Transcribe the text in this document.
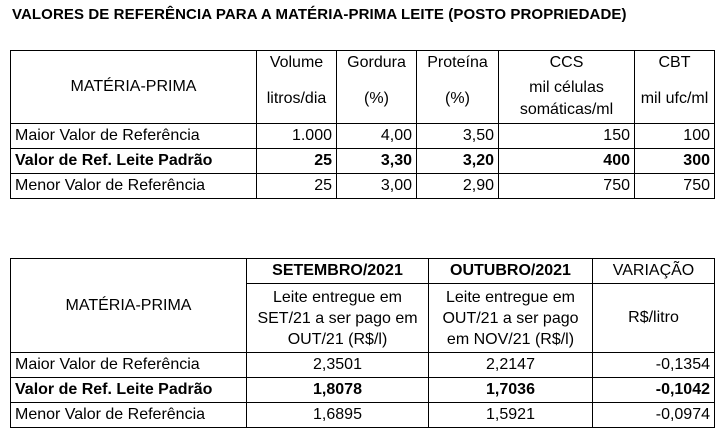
VALORES DE REFERÊNCIA PARA A MATÉRIA-PRIMA LEITE (POSTO PROPRIEDADE)
MATÉRIA-PRIMA	Volume	Gordura	Proteína	CCS	CBT
	litros/dia	(%)	(%)	mil células somáticas/ml	mil ufc/ml
Maior Valor de Referência	1.000	4,00	3,50	150	100
Valor de Ref. Leite Padrão	25	3,30	3,20	400	300
Menor Valor de Referência	25	3,00	2,90	750	750
MATÉRIA-PRIMA	SETEMBRO/2021	OUTUBRO/2021	VARIAÇÃO
	Leite entregue em SET/21 a ser pago em OUT/21 (R$/l)	Leite entregue em OUT/21 a ser pago em NOV/21 (R$/l)	R$/litro
Maior Valor de Referência	2,3501	2,2147	-0,1354
Valor de Ref. Leite Padrão	1,8078	1,7036	-0,1042
Menor Valor de Referência	1,6895	1,5921	-0,0974
